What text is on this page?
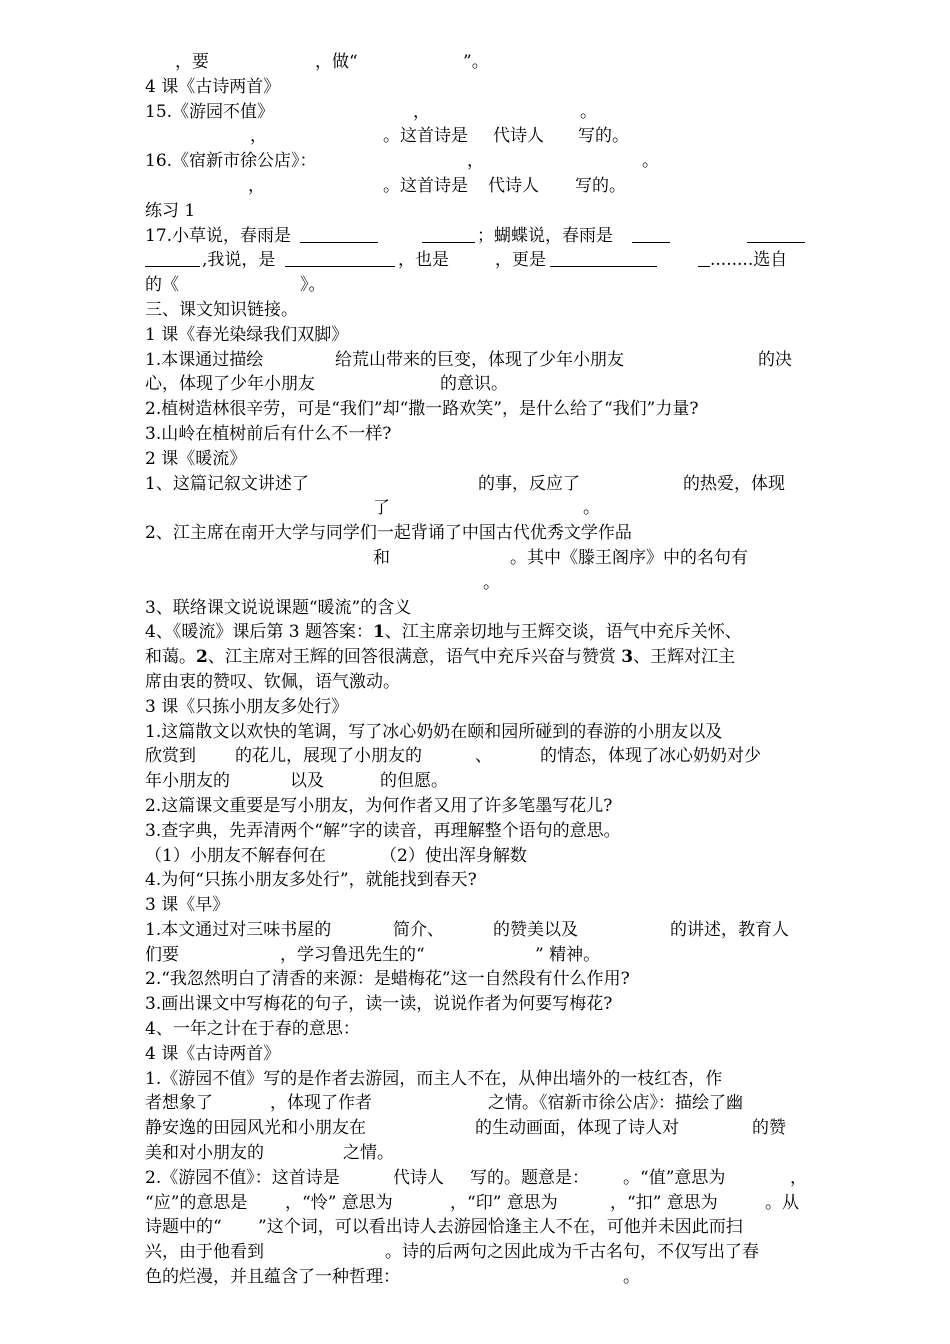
，要	，做“	”。
4 课《古诗两首》
15.《游园不值》	，	。
，	。这首诗是 代诗人 写的。
16.《宿新市徐公店》：	，	。
，	。这首诗是 代诗人 写的。
练习 1
17.小草说，春雨是	；蝴蝶说，春雨是
,我说，是	，也是	，更是	........选自
的《	》。
三、课文知识链接。
1 课《春光染绿我们双脚》
1.本课通过描绘	给荒山带来的巨变，体现了少年小朋友	的决
心，体现了少年小朋友	的意识。
2.植树造林很辛劳，可是“我们”却“撒一路欢笑”，是什么给了“我们”力量?
3.山岭在植树前后有什么不一样?
2 课《暖流》
1、这篇记叙文讲述了	的事，反应了	的热爱，体现
了	。
2、江主席在南开大学与同学们一起背诵了中国古代优秀文学作品
和	。其中《滕王阁序》中的名句有
。
3、联络课文说说课题“暖流”的含义
4、《暖流》课后第 3 题答案：1、江主席亲切地与王辉交谈，语气中充斥关怀、
和蔼。2、江主席对王辉的回答很满意，语气中充斥兴奋与赞赏 3、王辉对江主
席由衷的赞叹、钦佩，语气激动。
3 课《只拣小朋友多处行》
1.这篇散文以欢快的笔调，写了冰心奶奶在颐和园所碰到的春游的小朋友以及
欣赏到 的花儿，展现了小朋友的	、	的情态，体现了冰心奶奶对少
年小朋友的	以及	的但愿。
2.这篇课文重要是写小朋友，为何作者又用了许多笔墨写花儿?
3.查字典，先弄清两个“解”字的读音，再理解整个语句的意思。
（1）小朋友不解春何在	（2）使出浑身解数
4.为何“只拣小朋友多处行”，就能找到春天?
3 课《早》
1.本文通过对三味书屋的	简介、	的赞美以及	的讲述，教育人
们要	，学习鲁迅先生的“	” 精神。
2.“我忽然明白了清香的来源：是蜡梅花”这一自然段有什么作用?
3.画出课文中写梅花的句子，读一读，说说作者为何要写梅花?
4、一年之计在于春的意思：
4 课《古诗两首》
1.《游园不值》写的是作者去游园，而主人不在，从伸出墙外的一枝红杏，作
者想象了	，体现了作者	之情。《宿新市徐公店》：描绘了幽
静安逸的田园风光和小朋友在	的生动画面，体现了诗人对	的赞
美和对小朋友的	之情。
2.《游园不值》：这首诗是	代诗人 写的。题意是： 。“值”意思为	，
“应”的意思是 ，“怜” 意思为	，“印” 意思为	，“扣” 意思为	。从
诗题中的“ ”这个词，可以看出诗人去游园恰逢主人不在，可他并未因此而扫
兴，由于他看到	。诗的后两句之因此成为千古名句，不仅写出了春
色的烂漫，并且蕴含了一种哲理：	。
